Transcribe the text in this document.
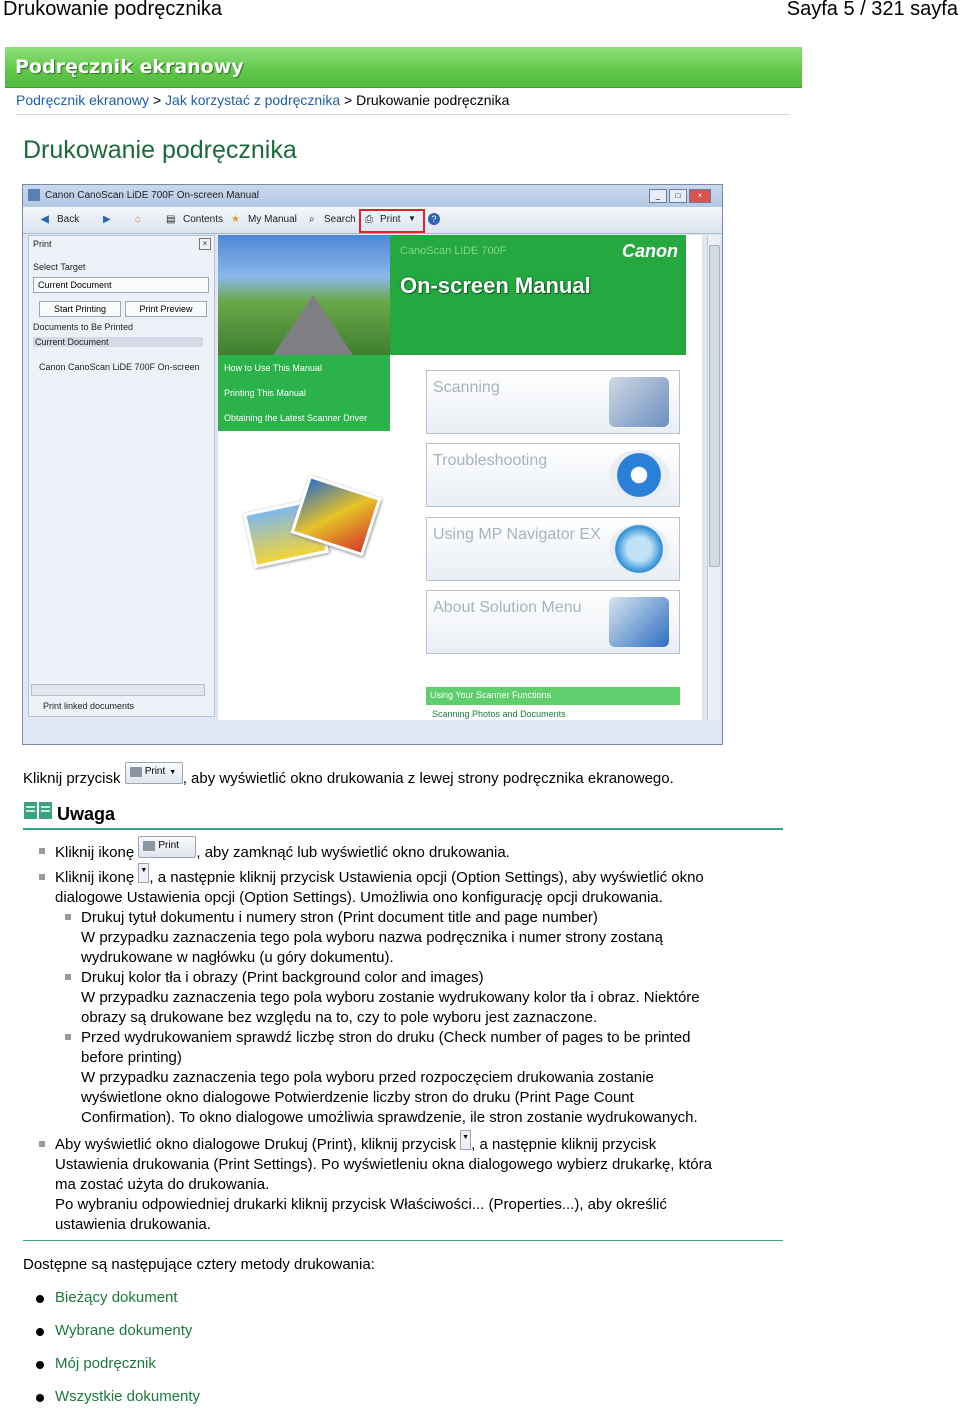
Drukowanie podręcznika	Sayfa 5 / 321 sayfa
Podręcznik ekranowy
Podręcznik ekranowy > Jak korzystać z podręcznika > Drukowanie podręcznika
Drukowanie podręcznika
Canon CanoScan LiDE 700F On-screen Manual	_	□	×
◀ Back ▶ ⌂ ▤ Contents ★ My Manual ⌕ Search ⎙ Print ▼	?
Print	×
Select Target
Current Document
Start Printing	Print Preview
Documents to Be Printed
Current Document
Canon CanoScan LiDE 700F On-screen
Print linked documents
CanoScan LiDE 700F	Canon
On-screen Manual
How to Use This Manual
Printing This Manual
Obtaining the Latest Scanner Driver
Scanning
Troubleshooting
Using MP Navigator EX
About Solution Menu
Using Your Scanner Functions
Scanning Photos and Documents
Kliknij przycisk Print ▼ , aby wyświetlić okno drukowania z lewej strony podręcznika ekranowego.
Uwaga
Kliknij ikonę Print , aby zamknąć lub wyświetlić okno drukowania.
Kliknij ikonę ▼ , a następnie kliknij przycisk Ustawienia opcji (Option Settings), aby wyświetlić okno
dialogowe Ustawienia opcji (Option Settings). Umożliwia ono konfigurację opcji drukowania.
Drukuj tytuł dokumentu i numery stron (Print document title and page number)
W przypadku zaznaczenia tego pola wyboru nazwa podręcznika i numer strony zostaną
wydrukowane w nagłówku (u góry dokumentu).
Drukuj kolor tła i obrazy (Print background color and images)
W przypadku zaznaczenia tego pola wyboru zostanie wydrukowany kolor tła i obraz. Niektóre
obrazy są drukowane bez względu na to, czy to pole wyboru jest zaznaczone.
Przed wydrukowaniem sprawdź liczbę stron do druku (Check number of pages to be printed
before printing)
W przypadku zaznaczenia tego pola wyboru przed rozpoczęciem drukowania zostanie
wyświetlone okno dialogowe Potwierdzenie liczby stron do druku (Print Page Count
Confirmation). To okno dialogowe umożliwia sprawdzenie, ile stron zostanie wydrukowanych.
Aby wyświetlić okno dialogowe Drukuj (Print), kliknij przycisk ▼ , a następnie kliknij przycisk
Ustawienia drukowania (Print Settings). Po wyświetleniu okna dialogowego wybierz drukarkę, która
ma zostać użyta do drukowania.
Po wybraniu odpowiedniej drukarki kliknij przycisk Właściwości... (Properties...), aby określić
ustawienia drukowania.
Dostępne są następujące cztery metody drukowania:
Bieżący dokument
Wybrane dokumenty
Mój podręcznik
Wszystkie dokumenty
